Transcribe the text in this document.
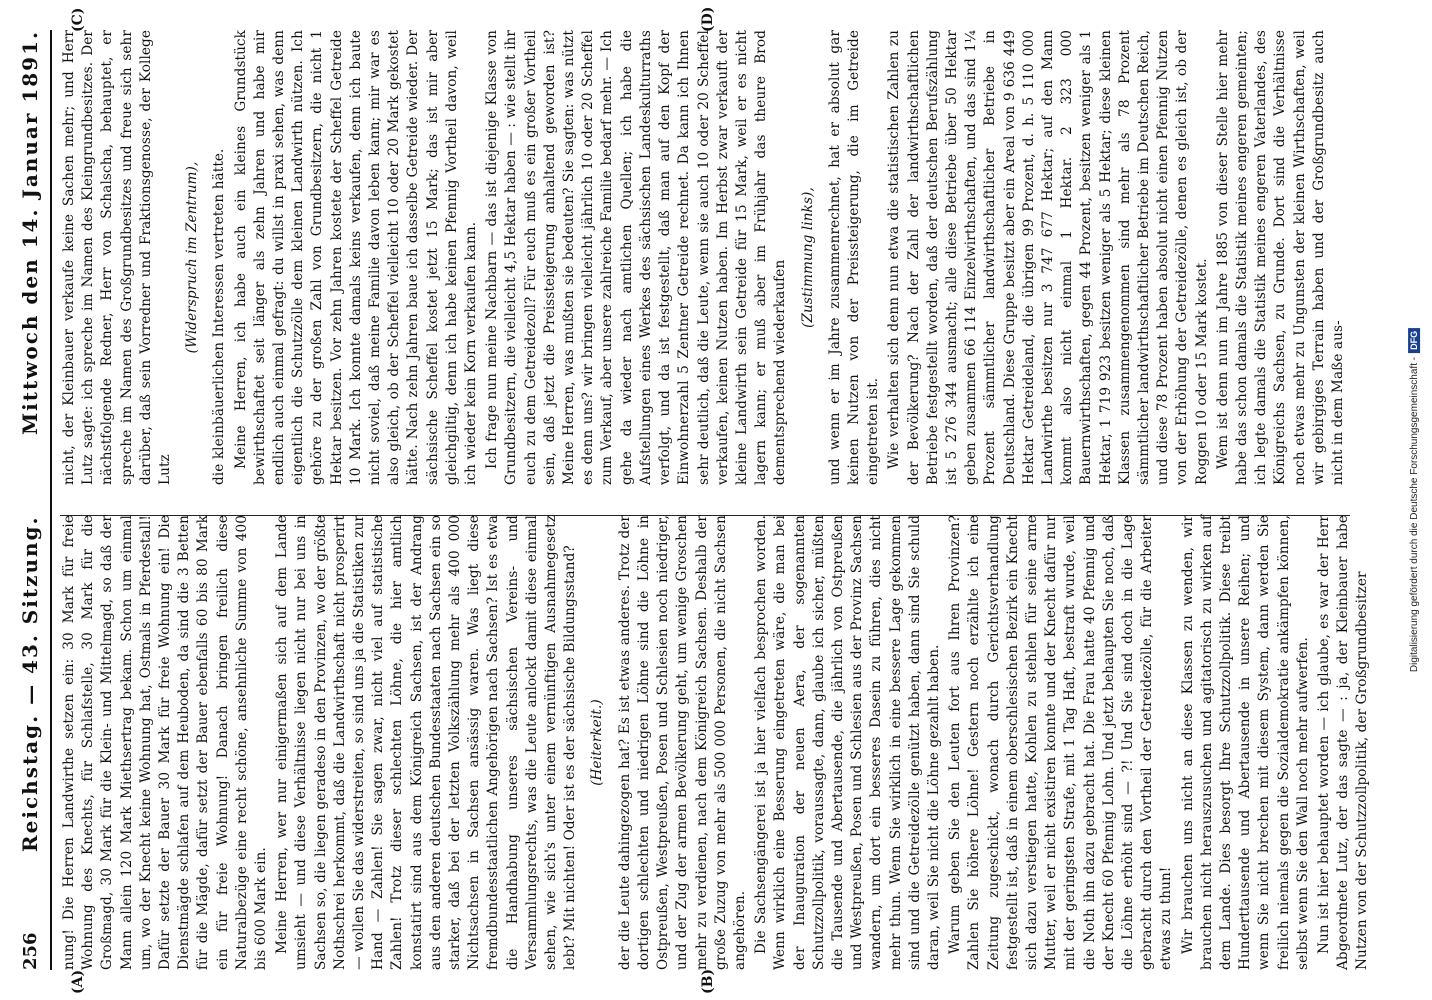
256
Reichstag. — 43. Sitzung.
Mittwoch den 14. Januar 1891.

nung! Die Herren Landwirthe setzen ein: 30 Mark für freie Wohnung des Knechts, für Schlafstelle, 30 Mark für die Großmagd, 30 Mark für die Klein- und Mittelmagd, so daß der Mann allein 120 Mark Miethsertrag bekam. Schon um einmal um, wo der Knecht keine Wohnung hat, Ostmals in Pferdestall! Dafür setzte der Bauer 30 Mark für freie Wohnung ein! Die Dienstmägde schlafen auf dem Heuboden, da sind die 3 Betten für die Mägde, dafür setzt der Bauer ebenfalls 60 bis 80 Mark ein für freie Wohnung! Danach bringen freilich diese Naturalbezüge eine recht schöne, ansehnliche Summe von 400 bis 600 Mark ein. Meine Herren, wer nur einigermaßen sich auf dem Lande umsieht — und diese Verhältnisse liegen nicht nur bei uns in Sachsen so, die liegen geradeso in den Provinzen, wo der größte Nothschrei herkommt, daß die Landwirthschaft nicht prosperirt — wollen Sie das widerstreiten, so sind uns ja die Statistiken zur Hand — Zahlen! Sie sagen zwar, nicht viel auf statistische Zahlen! Trotz dieser schlechten Löhne, die hier amtlich konstatirt sind aus dem Königreich Sachsen, ist der Andrang aus den anderen deutschen Bundesstaaten nach Sachsen ein so starker, daß bei der letzten Volkszählung mehr als 400 000 Nichtsachsen in Sachsen ansässig waren. Was liegt diese fremdbundesstaatlichen Angehörigen nach Sachsen? Ist es etwa die Handhabung unseres sächsischen Vereins- und Versammlungsrechts, was die Leute anlockt damit diese einmal sehen, wie sich's unter einem vernünftigen Ausnahmegesetz lebt? Mit nichten! Oder ist es der sächsische Bildungsstand? (Heiterkeit.) der die Leute dahingezogen hat? Es ist etwas anderes. Trotz der dortigen schlechten und niedrigen Löhne sind die Löhne in Ostpreußen, Westpreußen, Posen und Schlesien noch niedriger, und der Zug der armen Bevölkerung geht, um wenige Groschen mehr zu verdienen, nach dem Königreich Sachsen. Deshalb der große Zuzug von mehr als 500 000 Personen, die nicht Sachsen angehören. Die Sachsengängerei ist ja hier vielfach besprochen worden. Wenn wirklich eine Besserung eingetreten wäre, die man bei der Inauguration der neuen Aera, der sogenannten Schutzzollpolitik, voraussagte, dann, glaube ich sicher, müßten die Tausende und Abertausende, die jährlich von Ostpreußen und Westpreußen, Posen und Schlesien aus der Provinz Sachsen wandern, um dort ein besseres Dasein zu führen, dies nicht mehr thun. Wenn Sie wirklich in eine bessere Lage gekommen sind und die Getreidezölle genützt haben, dann sind Sie schuld daran, weil Sie nicht die Löhne gezahlt haben. Warum geben Sie den Leuten fort aus Ihren Provinzen? Zahlen Sie höhere Löhne! Gestern noch erzählte ich eine Zeitung zugeschickt, wonach durch Gerichtsverhandlung festgestellt ist, daß in einem oberschlesischen Bezirk ein Knecht sich dazu verstiegen hatte, Kohlen zu stehlen für seine arme Mutter, weil er nicht existiren konnte und der Knecht dafür nur mit der geringsten Strafe, mit 1 Tag Haft, bestraft wurde, weil die Noth ihn dazu gebracht hat. Die Frau hatte 40 Pfennig und der Knecht 60 Pfennig Lohn. Und jetzt behaupten Sie noch, daß die Löhne erhöht sind — ?! Und Sie sind doch in die Lage gebracht durch den Vortheil der Getreidezölle, für die Arbeiter etwas zu thun! Wir brauchen uns nicht an diese Klassen zu wenden, wir brauchen nicht herauszusuchen und agitatorisch zu wirken auf dem Lande. Dies besorgt Ihre Schutzzollpolitik. Diese treibt Hunderttausende und Abertausende in unsere Reihen; und wenn Sie nicht brechen mit diesem System, dann werden Sie freilich niemals gegen die Sozialdemokratie ankämpfen können, selbst wenn Sie den Wall noch mehr aufwerfen. Nun ist hier behauptet worden — ich glaube, es war der Herr Abgeordnete Lutz, der das sagte — : ja, der Kleinbauer habe Nutzen von der Schutzzollpolitik, der Großgrundbesitzer

nicht, der Kleinbauer verkaufe keine Sachen mehr; und Herr Lutz sagte: ich spreche im Namen des Kleingrundbesitzes. Der nächstfolgende Redner, Herr von Schalscha, behauptet, er spreche im Namen des Großgrundbesitzes und freue sich sehr darüber, daß sein Vorredner und Fraktionsgenosse, der Kollege Lutz

(Widerspruch im Zentrum), die kleinbäuerlichen Interessen vertreten hätte. Meine Herren, ich habe auch ein kleines Grundstück bewirthschaftet seit länger als zehn Jahren und habe mir endlich auch einmal gefragt: du willst in praxi sehen, was denn eigentlich die Schutzzölle dem kleinen Landwirth nützen. Ich gehöre zu der großen Zahl von Grundbesitzern, die nicht 1 Hektar besitzen. Vor zehn Jahren kostete der Scheffel Getreide 10 Mark. Ich konnte damals keins verkaufen, denn ich baute nicht soviel, daß meine Familie davon leben kann; mir war es also gleich, ob der Scheffel vielleicht 10 oder 20 Mark gekostet hätte. Nach zehn Jahren baue ich dasselbe Getreide wieder. Der sächsische Scheffel kostet jetzt 15 Mark; das ist mir aber gleichgiltig, denn ich habe keinen Pfennig Vortheil davon, weil ich wieder kein Korn verkaufen kann. Ich frage nun meine Nachbarn — das ist diejenige Klasse von Grundbesitzern, die vielleicht 4,5 Hektar haben — : wie stellt ihr euch zu dem Getreidezoll? Für euch muß es ein großer Vortheil sein, daß jetzt die Preissteigerung anhaltend geworden ist? Meine Herren, was mußten sie bedeuten? Sie sagten: was nützt es denn uns? wir bringen vielleicht jährlich 10 oder 20 Scheffel zum Verkauf, aber unsere zahlreiche Familie bedarf mehr. — Ich gehe da wieder nach amtlichen Quellen; ich habe die Aufstellungen eines Werkes des sächsischen Landeskulturraths verfolgt, und da ist festgestellt, daß man auf den Kopf der Einwohnerzahl 5 Zentner Getreide rechnet. Da kann ich Ihnen sehr deutlich, daß die Leute, wenn sie auch 10 oder 20 Scheffel verkaufen, keinen Nutzen haben. Im Herbst zwar verkauft der kleine Landwirth sein Getreide für 15 Mark, weil er es nicht lagern kann; er muß aber im Frühjahr das theure Brod dementsprechend wiederkaufen

(Zustimmung links), und wenn er im Jahre zusammenrechnet, hat er absolut gar keinen Nutzen von der Preissteigerung, die im Getreide eingetreten ist. Wie verhalten sich denn nun etwa die statistischen Zahlen zu der Bevölkerung? Nach der Zahl der landwirthschaftlichen Betriebe festgestellt worden, daß der deutschen Berufszählung ist 5 276 344 ausmacht; alle diese Betriebe über 50 Hektar geben zusammen 66 114 Einzelwirthschaften, und das sind 1¼ Prozent sämmtlicher landwirthschaftlicher Betriebe in Deutschland. Diese Gruppe besitzt aber ein Areal von 9 636 449 Hektar Getreideland, die übrigen 99 Prozent, d. h. 5 110 000 Landwirthe besitzen nur 3 747 677 Hektar; auf den Mann kommt also nicht einmal 1 Hektar. 2 323 000 Bauernwirthschaften, gegen 44 Prozent, besitzen weniger als 1 Hektar, 1 719 923 besitzen weniger als 5 Hektar; diese kleinen Klassen zusammengenommen sind mehr als 78 Prozent sämmtlicher landwirthschaftlicher Betriebe im Deutschen Reich, und diese 78 Prozent haben absolut nicht einen Pfennig Nutzen von der Erhöhung der Getreidezölle, denen es gleich ist, ob der Roggen 10 oder 15 Mark kostet. Wem ist denn nun im Jahre 1885 von dieser Stelle hier mehr habe das schon damals die Statistik meines engeren gemeinten; ich legte damals die Statistik meines engeren Vaterlandes, des Königreichs Sachsen, zu Grunde. Dort sind die Verhältnisse noch etwas mehr zu Ungunsten der kleinen Wirthschaften, weil wir gebirgiges Terrain haben und der Großgrundbesitz auch nicht in dem Maße aus-

(A)	(B)
(C)	(D)
Digitalisierung gefördert durch die Deutsche Forschungsgemeinschaft -
DFG
